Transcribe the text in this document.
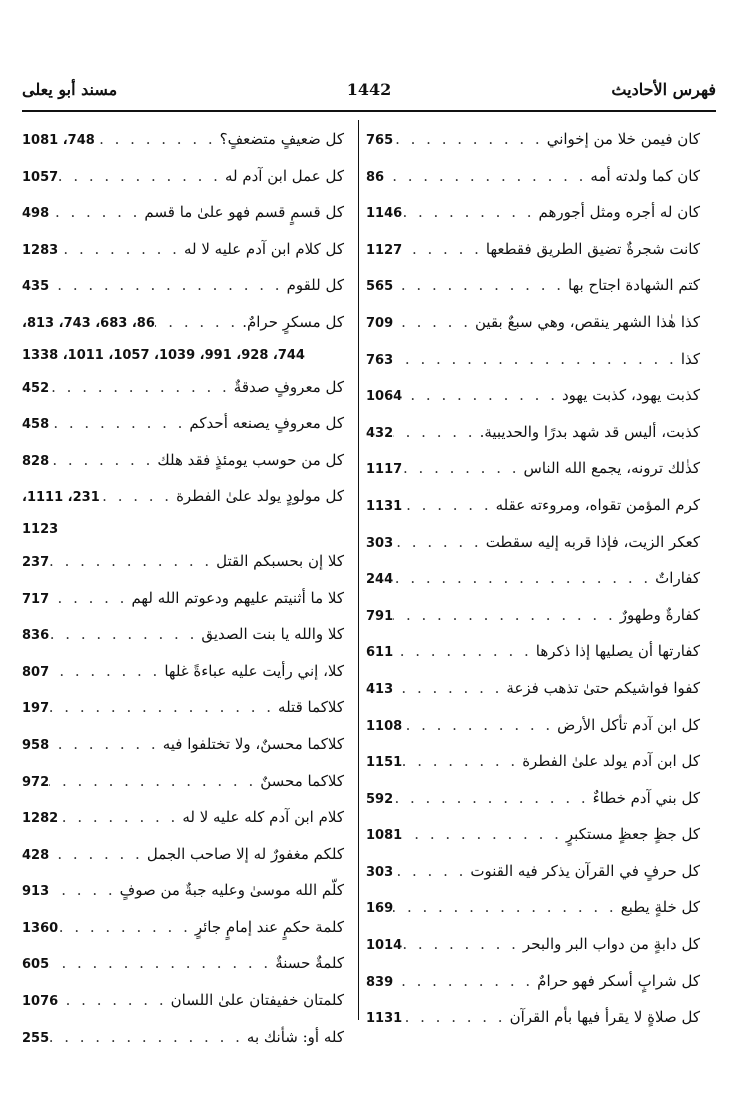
فهرس الأحاديث
1442
مسند أبو يعلى
كان فيمن خلا من إخواني
. . .
765
كان كما ولدته أمه
. . .
86
كان له أجره ومثل أجورهم
. . .
1146
كانت شجرةٌ تضيق الطريق فقطعها
. . .
1127
كتم الشهادة اجتاح بها
. . .
565
كذا هٰذا الشهر ينقص، وهي سبعٌ بقين
. . .
709
كذا
. . .
763
كذبت يهود، كذبت يهود
. . .
1064
كذبت، أليس قد شهد بدرًا والحديبية.
. . .
432
كذٰلك ترونه، يجمع الله الناس
. . .
1117
كرم المؤمن تقواه، ومروءته عقله
. . .
1131
كعكر الزيت، فإذا قربه إليه سقطت
. . .
303
كفاراتٌ
. . .
244
كفارةٌ وطهورٌ
. . .
791
كفارتها أن يصليها إذا ذكرها
. . .
611
كفوا فواشيكم حتىٰ تذهب فزعة
. . .
413
كل ابن آدم تأكل الأرض
. . .
1108
كل ابن آدم يولد علىٰ الفطرة
. . .
1151
كل بني آدم خطاءٌ
. . .
592
كل جظٍ جعظٍ مستكبرٍ
. . .
1081
كل حرفٍ في القرآن يذكر فيه القنوت
. . .
303
كل خلةٍ يطبع
. . .
169
كل دابةٍ من دواب البر والبحر
. . .
1014
كل شرابٍ أسكر فهو حرامٌ
. . .
839
كل صلاةٍ لا يقرأ فيها بأم القرآن
. . .
1131
كل ضعيفٍ متضعفٍ؟
. . .
748، 1081
كل عمل ابن آدم له
. . .
1057
كل قسمٍ قسم فهو علىٰ ما قسم
. . .
498
كل كلام ابن آدم عليه لا له
. . .
1283
كل للقوم
. . .
435
كل مسكرٍ حرامٌ.
. . .
86، 683، 743، 813،
744، 928، 991، 1039، 1057، 1011، 1338
كل معروفٍ صدقةٌ
. . .
452
كل معروفٍ يصنعه أحدكم
. . .
458
كل من حوسب يومئذٍ فقد هلك
. . .
828
كل مولودٍ يولد علىٰ الفطرة
. . .
231، 1111،
1123
كلا إن بحسبكم القتل
. . .
237
كلا ما أثنيتم عليهم ودعوتم الله لهم
. . .
717
كلا والله يا بنت الصديق
. . .
836
كلا، إني رأيت عليه عباءةً غلها
. . .
807
كلاكما قتله
. . .
197
كلاكما محسنٌ، ولا تختلفوا فيه
. . .
958
كلاكما محسنٌ
. . .
972
كلام ابن آدم كله عليه لا له
. . .
1282
كلكم مغفورٌ له إلا صاحب الجمل
. . .
428
كلّم الله موسىٰ وعليه جبةٌ من صوفٍ
. . .
913
كلمة حكمٍ عند إمامٍ جائرٍ
. . .
1360
كلمةٌ حسنةٌ
. . .
605
كلمتان خفيفتان علىٰ اللسان
. . .
1076
كله أو: شأنك به
. . .
255
